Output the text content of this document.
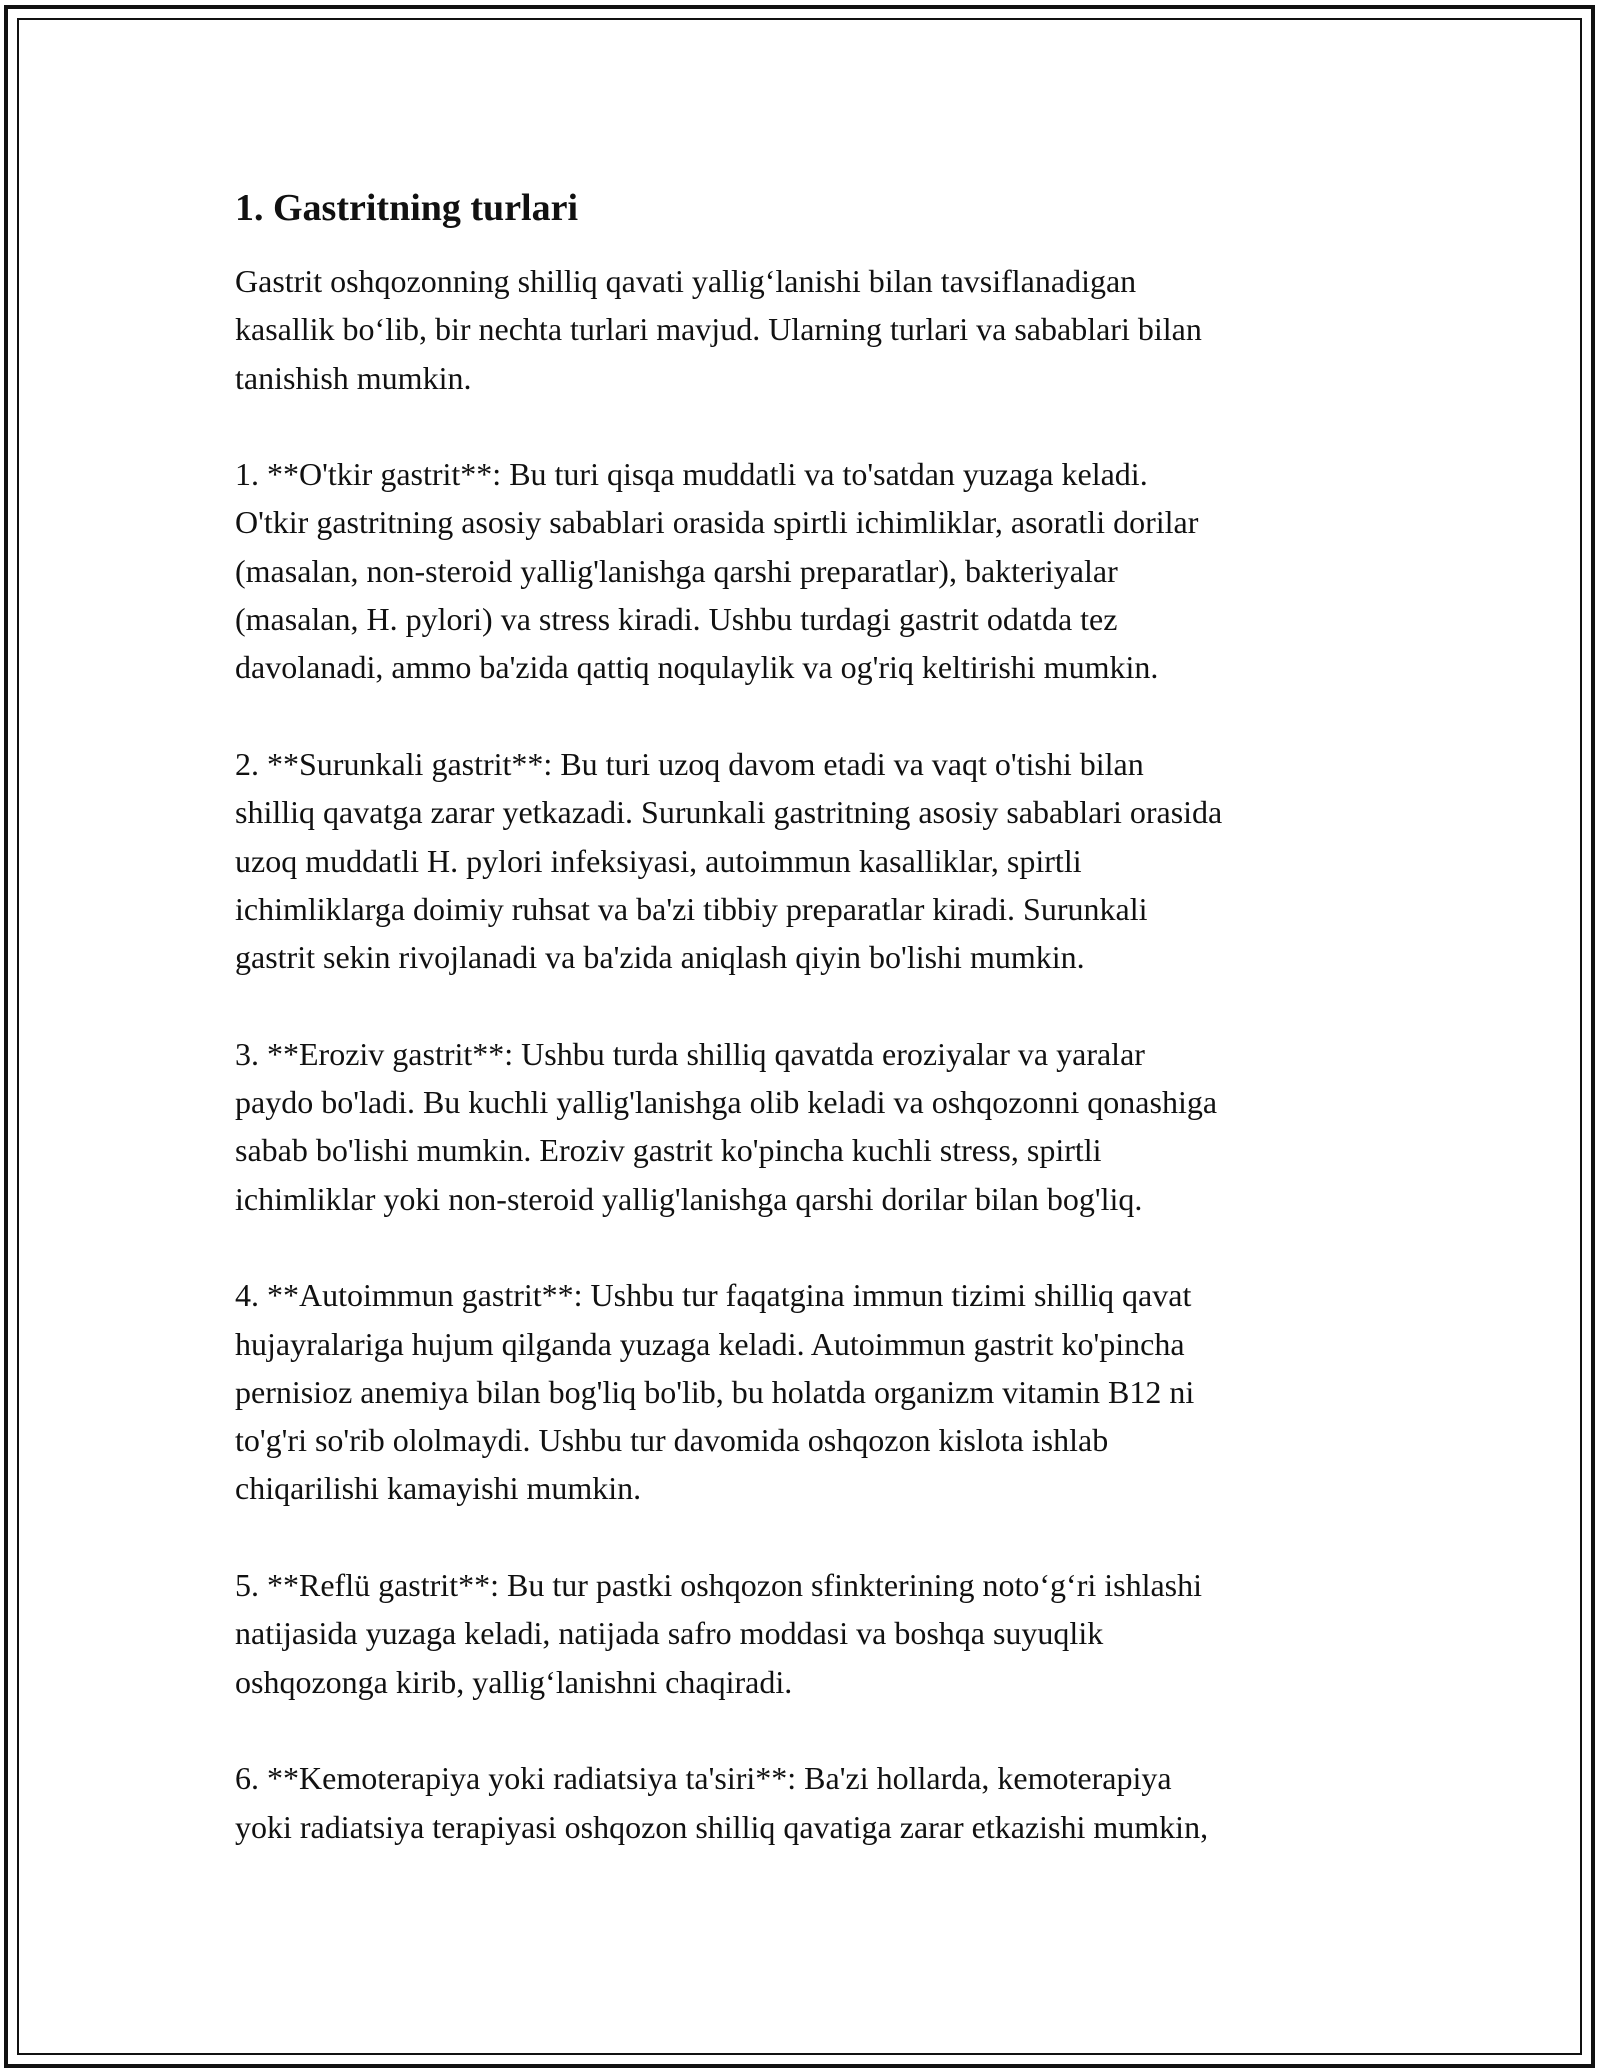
1. Gastritning turlari
Gastrit oshqozonning shilliq qavati yallig‘lanishi bilan tavsiflanadigan
kasallik bo‘lib, bir nechta turlari mavjud. Ularning turlari va sabablari bilan
tanishish mumkin.
1. **O'tkir gastrit**: Bu turi qisqa muddatli va to'satdan yuzaga keladi.
O'tkir gastritning asosiy sabablari orasida spirtli ichimliklar, asoratli dorilar
(masalan, non-steroid yallig'lanishga qarshi preparatlar), bakteriyalar
(masalan, H. pylori) va stress kiradi. Ushbu turdagi gastrit odatda tez
davolanadi, ammo ba'zida qattiq noqulaylik va og'riq keltirishi mumkin.
2. **Surunkali gastrit**: Bu turi uzoq davom etadi va vaqt o'tishi bilan
shilliq qavatga zarar yetkazadi. Surunkali gastritning asosiy sabablari orasida
uzoq muddatli H. pylori infeksiyasi, autoimmun kasalliklar, spirtli
ichimliklarga doimiy ruhsat va ba'zi tibbiy preparatlar kiradi. Surunkali
gastrit sekin rivojlanadi va ba'zida aniqlash qiyin bo'lishi mumkin.
3. **Eroziv gastrit**: Ushbu turda shilliq qavatda eroziyalar va yaralar
paydo bo'ladi. Bu kuchli yallig'lanishga olib keladi va oshqozonni qonashiga
sabab bo'lishi mumkin. Eroziv gastrit ko'pincha kuchli stress, spirtli
ichimliklar yoki non-steroid yallig'lanishga qarshi dorilar bilan bog'liq.
4. **Autoimmun gastrit**: Ushbu tur faqatgina immun tizimi shilliq qavat
hujayralariga hujum qilganda yuzaga keladi. Autoimmun gastrit ko'pincha
pernisioz anemiya bilan bog'liq bo'lib, bu holatda organizm vitamin B12 ni
to'g'ri so'rib ololmaydi. Ushbu tur davomida oshqozon kislota ishlab
chiqarilishi kamayishi mumkin.
5. **Reflü gastrit**: Bu tur pastki oshqozon sfinkterining noto‘g‘ri ishlashi
natijasida yuzaga keladi, natijada safro moddasi va boshqa suyuqlik
oshqozonga kirib, yallig‘lanishni chaqiradi.
6. **Kemoterapiya yoki radiatsiya ta'siri**: Ba'zi hollarda, kemoterapiya
yoki radiatsiya terapiyasi oshqozon shilliq qavatiga zarar etkazishi mumkin,
